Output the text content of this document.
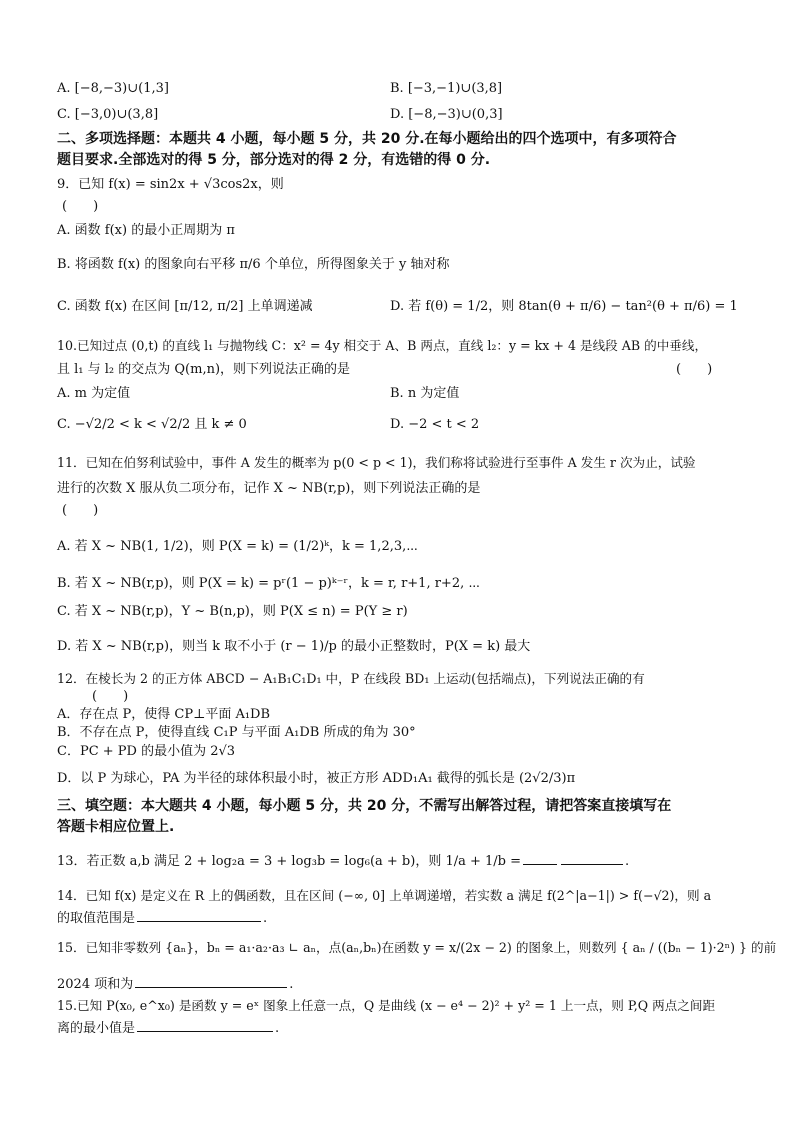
A. [−8,−3)∪(1,3]	B. [−3,−1)∪(3,8]
C. [−3,0)∪(3,8]	D. [−8,−3)∪(0,3]
二、多项选择题：本题共 4 小题，每小题 5 分，共 20 分.在每小题给出的四个选项中，有多项符合
题目要求.全部选对的得 5 分，部分选对的得 2 分，有选错的得 0 分.
9．已知 f(x) = sin2x + √3cos2x，则
(　　)
A. 函数 f(x) 的最小正周期为 π
B. 将函数 f(x) 的图象向右平移 π/6 个单位，所得图象关于 y 轴对称
C. 函数 f(x) 在区间 [π/12, π/2] 上单调递减	D. 若 f(θ) = 1/2，则 8tan(θ + π/6) − tan²(θ + π/6) = 1
10.已知过点 (0,t) 的直线 l₁ 与抛物线 C：x² = 4y 相交于 A、B 两点，直线 l₂：y = kx + 4 是线段 AB 的中垂线，
且 l₁ 与 l₂ 的交点为 Q(m,n)，则下列说法正确的是	(　　)
A. m 为定值	B. n 为定值
C. −√2/2 < k < √2/2 且 k ≠ 0	D. −2 < t < 2
11．已知在伯努利试验中，事件 A 发生的概率为 p(0 < p < 1)，我们称将试验进行至事件 A 发生 r 次为止，试验
进行的次数 X 服从负二项分布，记作 X ~ NB(r,p)，则下列说法正确的是
(　　)
A. 若 X ~ NB(1, 1/2)，则 P(X = k) = (1/2)ᵏ，k = 1,2,3,⋯
B. 若 X ~ NB(r,p)，则 P(X = k) = pʳ(1 − p)ᵏ⁻ʳ，k = r, r+1, r+2, ⋯
C. 若 X ~ NB(r,p)，Y ~ B(n,p)，则 P(X ≤ n) = P(Y ≥ r)
D. 若 X ~ NB(r,p)，则当 k 取不小于 (r − 1)/p 的最小正整数时，P(X = k) 最大
12．在棱长为 2 的正方体 ABCD − A₁B₁C₁D₁ 中，P 在线段 BD₁ 上运动(包括端点)，下列说法正确的有
(　　)
A．存在点 P，使得 CP⊥平面 A₁DB
B．不存在点 P，使得直线 C₁P 与平面 A₁DB 所成的角为 30°
C．PC + PD 的最小值为 2√3
D．以 P 为球心，PA 为半径的球体积最小时，被正方形 ADD₁A₁ 截得的弧长是 (2√2/3)π
三、填空题：本大题共 4 小题，每小题 5 分，共 20 分，不需写出解答过程，请把答案直接填写在
答题卡相应位置上.
13．若正数 a,b 满足 2 + log₂a = 3 + log₃b = log₆(a + b)，则 1/a + 1/b =	.
14．已知 f(x) 是定义在 R 上的偶函数，且在区间 (−∞, 0] 上单调递增，若实数 a 满足 f(2^|a−1|) > f(−√2)，则 a
的取值范围是	.
15．已知非零数列 {aₙ}，bₙ = a₁·a₂·a₃ ∟ aₙ，点(aₙ,bₙ)在函数 y = x/(2x − 2) 的图象上，则数列 { aₙ / ((bₙ − 1)·2ⁿ) } 的前
2024 项和为	.
15.已知 P(x₀, e^x₀) 是函数 y = eˣ 图象上任意一点，Q 是曲线 (x − e⁴ − 2)² + y² = 1 上一点，则 P,Q 两点之间距
离的最小值是	.
